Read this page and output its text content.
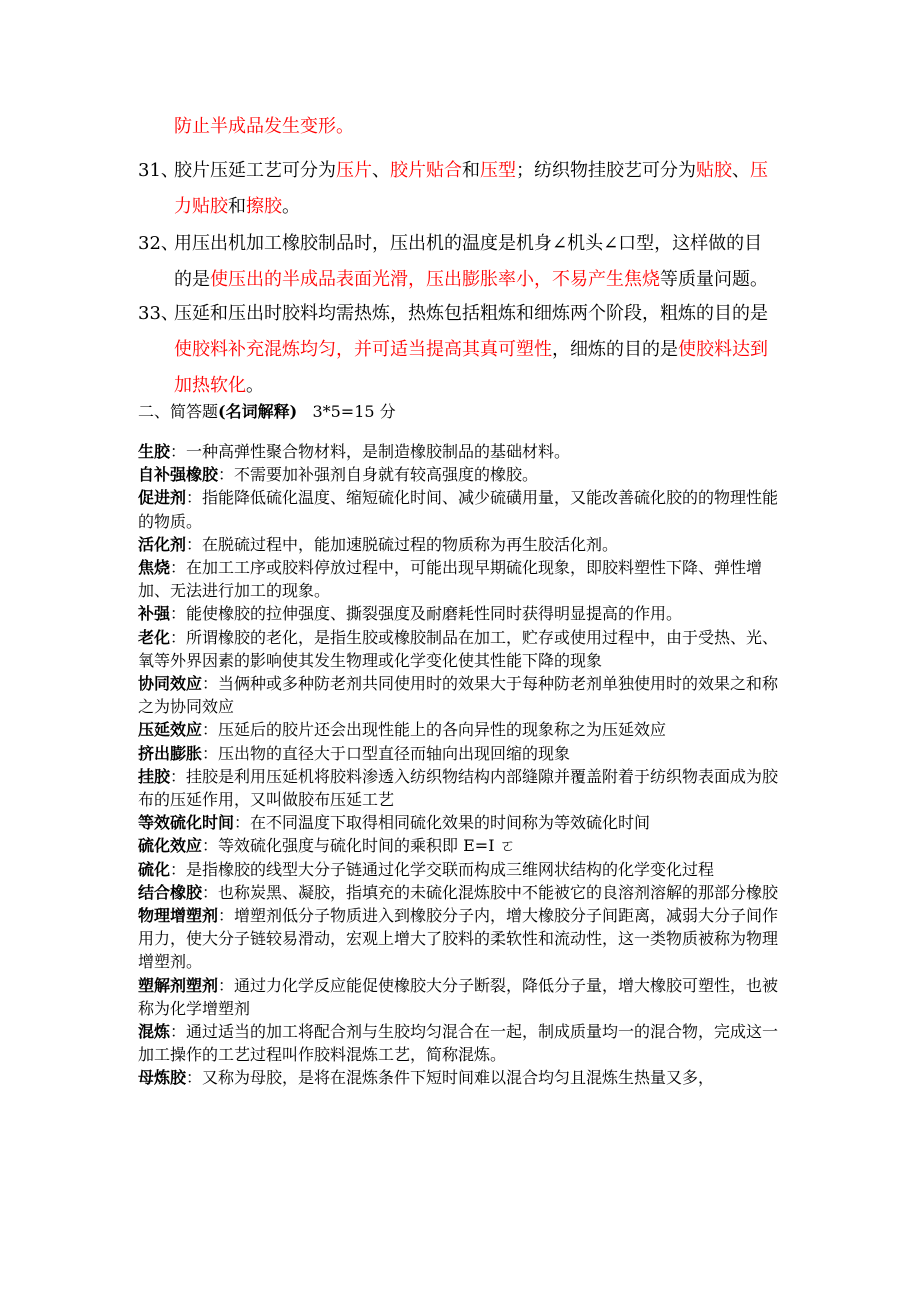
防止半成品发生变形。
31、胶片压延工艺可分为压片、胶片贴合和压型；纺织物挂胶艺可分为贴胶、压
力贴胶和擦胶。
32、用压出机加工橡胶制品时，压出机的温度是机身∠机头∠口型，这样做的目
的是使压出的半成品表面光滑，压出膨胀率小，不易产生焦烧等质量问题。
33、压延和压出时胶料均需热炼，热炼包括粗炼和细炼两个阶段，粗炼的目的是
使胶料补充混炼均匀，并可适当提高其真可塑性，细炼的目的是使胶料达到
加热软化。
二、简答题(名词解释) 3*5=15 分

生胶：一种高弹性聚合物材料，是制造橡胶制品的基础材料。

自补强橡胶：不需要加补强剂自身就有较高强度的橡胶。

促进剂：指能降低硫化温度、缩短硫化时间、减少硫磺用量，又能改善硫化胶的的物理性能的物质。

活化剂：在脱硫过程中，能加速脱硫过程的物质称为再生胶活化剂。

焦烧：在加工工序或胶料停放过程中，可能出现早期硫化现象，即胶料塑性下降、弹性增加、无法进行加工的现象。

补强：能使橡胶的拉伸强度、撕裂强度及耐磨耗性同时获得明显提高的作用。

老化：所谓橡胶的老化，是指生胶或橡胶制品在加工，贮存或使用过程中，由于受热、光、氧等外界因素的影响使其发生物理或化学变化使其性能下降的现象

协同效应：当俩种或多种防老剂共同使用时的效果大于每种防老剂单独使用时的效果之和称之为协同效应

压延效应：压延后的胶片还会出现性能上的各向异性的现象称之为压延效应

挤出膨胀：压出物的直径大于口型直径而轴向出现回缩的现象

挂胶：挂胶是利用压延机将胶料渗透入纺织物结构内部缝隙并覆盖附着于纺织物表面成为胶布的压延作用，又叫做胶布压延工艺

等效硫化时间：在不同温度下取得相同硫化效果的时间称为等效硫化时间

硫化效应：等效硫化强度与硫化时间的乘积即 E=I ㄛ

硫化：是指橡胶的线型大分子链通过化学交联而构成三维网状结构的化学变化过程

结合橡胶：也称炭黑、凝胶，指填充的未硫化混炼胶中不能被它的良溶剂溶解的那部分橡胶

物理增塑剂：增塑剂低分子物质进入到橡胶分子内，增大橡胶分子间距离，减弱大分子间作用力，使大分子链较易滑动，宏观上增大了胶料的柔软性和流动性，这一类物质被称为物理增塑剂。

塑解剂塑剂：通过力化学反应能促使橡胶大分子断裂，降低分子量，增大橡胶可塑性，也被称为化学增塑剂

混炼：通过适当的加工将配合剂与生胶均匀混合在一起，制成质量均一的混合物，完成这一加工操作的工艺过程叫作胶料混炼工艺，简称混炼。

母炼胶：又称为母胶，是将在混炼条件下短时间难以混合均匀且混炼生热量又多，
